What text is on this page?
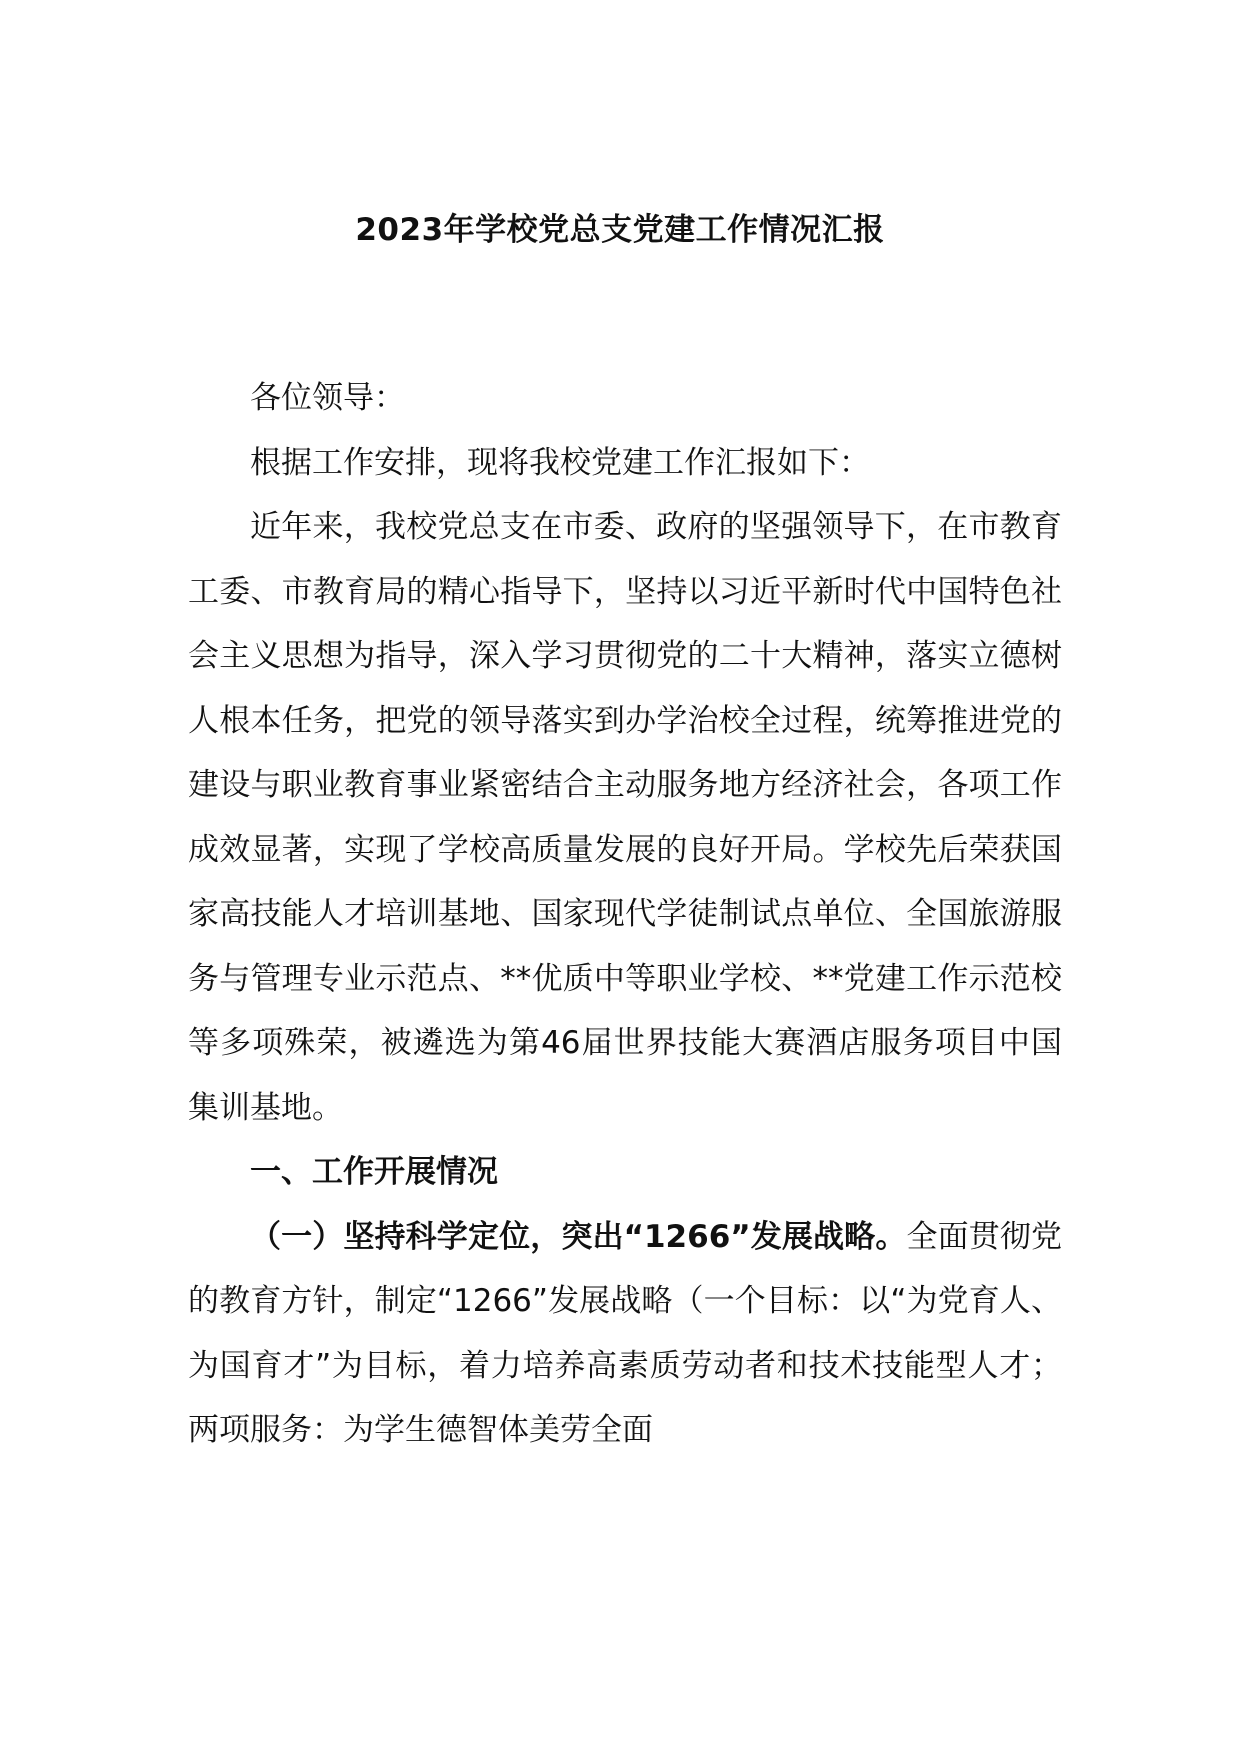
2023年学校党总支党建工作情况汇报

各位领导：

根据工作安排，现将我校党建工作汇报如下：

近年来，我校党总支在市委、政府的坚强领导下，在市教育工委、市教育局的精心指导下，坚持以习近平新时代中国特色社会主义思想为指导，深入学习贯彻党的二十大精神，落实立德树人根本任务，把党的领导落实到办学治校全过程，统筹推进党的建设与职业教育事业紧密结合主动服务地方经济社会，各项工作成效显著，实现了学校高质量发展的良好开局。学校先后荣获国家高技能人才培训基地、国家现代学徒制试点单位、全国旅游服务与管理专业示范点、**优质中等职业学校、**党建工作示范校等多项殊荣，被遴选为第46届世界技能大赛酒店服务项目中国集训基地。

一、工作开展情况

（一）坚持科学定位，突出“1266”发展战略。全面贯彻党的教育方针，制定“1266”发展战略（一个目标：以“为党育人、为国育才”为目标，着力培养高素质劳动者和技术技能型人才；两项服务：为学生德智体美劳全面
